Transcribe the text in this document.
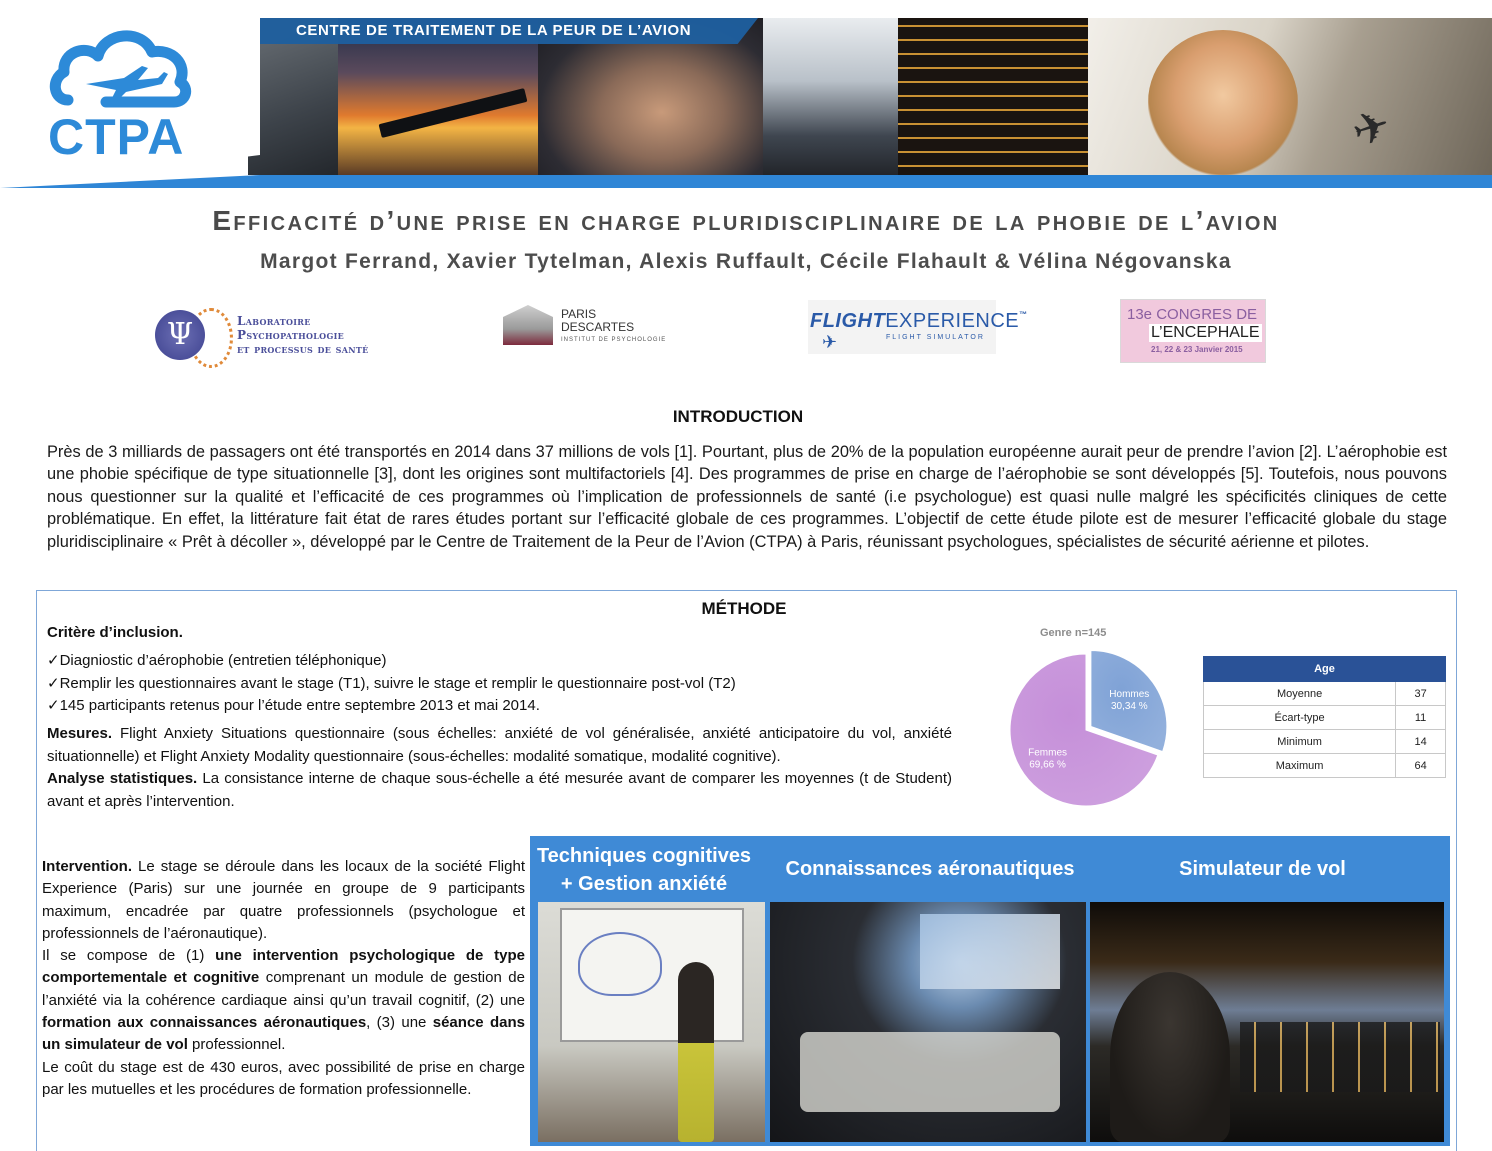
✈
CENTRE DE TRAITEMENT DE LA PEUR DE L’AVION
CTPA
Efficacité d’une prise en charge pluridisciplinaire de la phobie de l’avion
Margot Ferrand, Xavier Tytelman, Alexis Ruffault, Cécile Flahault & Vélina Négovanska
Ψ	Laboratoire
Psychopathologie
et processus de santé
PARIS
DESCARTES
INSTITUT DE PSYCHOLOGIE
FLIGHTEXPERIENCE™
✈	FLIGHT SIMULATOR
13e CONGRES DE
L’ENCEPHALE
21, 22 & 23 Janvier 2015
INTRODUCTION
Près de 3 milliards de passagers ont été transportés en 2014 dans 37 millions de vols [1]. Pourtant, plus de 20% de la population européenne aurait peur de prendre l’avion [2]. L’aérophobie est une phobie spécifique de type situationnelle [3], dont les origines sont multifactoriels [4]. Des programmes de prise en charge de l’aérophobie se sont développés [5]. Toutefois, nous pouvons nous questionner sur la qualité et l’efficacité de ces programmes où l’implication de professionnels de santé (i.e psychologue) est quasi nulle malgré les spécificités cliniques de cette problématique. En effet, la littérature fait état de rares études portant sur l’efficacité globale de ces programmes. L’objectif de cette étude pilote est de mesurer l’efficacité globale du stage pluridisciplinaire « Prêt à décoller », développé par le Centre de Traitement de la Peur de l’Avion (CTPA) à Paris, réunissant psychologues, spécialistes de sécurité aérienne et pilotes.
MÉTHODE
Critère d’inclusion.
✓Diagniostic d’aérophobie (entretien téléphonique)
✓Remplir les questionnaires avant le stage (T1), suivre le stage et remplir le questionnaire post-vol (T2)
✓145 participants retenus pour l’étude entre septembre 2013 et mai 2014.
Mesures. Flight Anxiety Situations questionnaire (sous échelles: anxiété de vol généralisée, anxiété anticipatoire du vol, anxiété situationnelle) et Flight Anxiety Modality questionnaire (sous-échelles: modalité somatique, modalité cognitive).
Analyse statistiques. La consistance interne de chaque sous-échelle a été mesurée avant de comparer les moyennes (t de Student) avant et après l’intervention.
Genre n=145
Hommes
30,34 %
Femmes
69,66 %
Age	
Moyenne	37
Écart-type	11
Minimum	14
Maximum	64

Intervention. Le stage se déroule dans les locaux de la société Flight Experience (Paris) sur une journée en groupe de 9 participants maximum, encadrée par quatre professionnels (psychologue et professionnels de l’aéronautique).

Il se compose de (1) une intervention psychologique de type comportementale et cognitive comprenant un module de gestion de l’anxiété via la cohérence cardiaque ainsi qu’un travail cognitif, (2) une formation aux connaissances aéronautiques, (3) une séance dans un simulateur de vol professionnel.

Le coût du stage est de 430 euros, avec possibilité de prise en charge par les mutuelles et les procédures de formation professionnelle.

Techniques cognitives + Gestion anxiété
Connaissances aéronautiques	Simulateur de vol
